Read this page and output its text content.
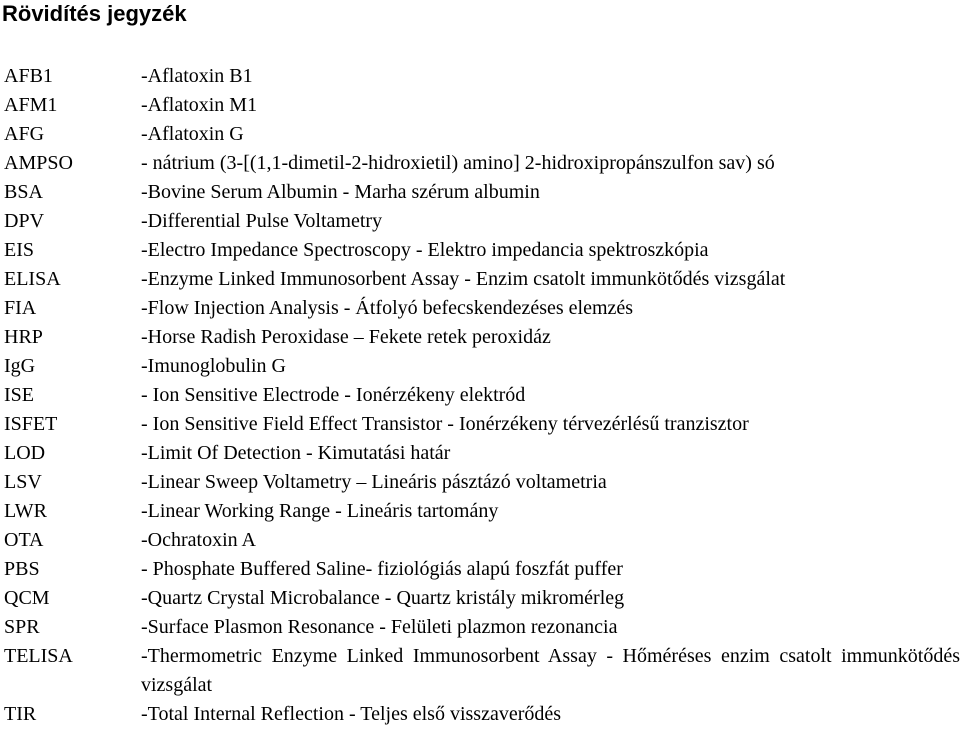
Rövidítés jegyzék
AFB1	-Aflatoxin B1
AFM1	-Aflatoxin M1
AFG	-Aflatoxin G
AMPSO	- nátrium (3-[(1,1-dimetil-2-hidroxietil) amino] 2-hidroxipropánszulfon sav) só
BSA	-Bovine Serum Albumin - Marha szérum albumin
DPV	-Differential Pulse Voltametry
EIS	-Electro Impedance Spectroscopy - Elektro impedancia spektroszkópia
ELISA	-Enzyme Linked Immunosorbent Assay - Enzim csatolt immunkötődés vizsgálat
FIA	-Flow Injection Analysis - Átfolyó befecskendezéses elemzés
HRP	-Horse Radish Peroxidase – Fekete retek peroxidáz
IgG	-Imunoglobulin G
ISE	- Ion Sensitive Electrode - Ionérzékeny elektród
ISFET	- Ion Sensitive Field Effect Transistor - Ionérzékeny térvezérlésű tranzisztor
LOD	-Limit Of Detection - Kimutatási határ
LSV	-Linear Sweep Voltametry – Lineáris pásztázó voltametria
LWR	-Linear Working Range - Lineáris tartomány
OTA	-Ochratoxin A
PBS	- Phosphate Buffered Saline- fiziológiás alapú foszfát puffer
QCM	-Quartz Crystal Microbalance - Quartz kristály mikromérleg
SPR	-Surface Plasmon Resonance - Felületi plazmon rezonancia
TELISA	-Thermometric Enzyme Linked Immunosorbent Assay - Hőméréses enzim csatolt immunkötődés vizsgálat
TIR	-Total Internal Reflection - Teljes első visszaverődés
